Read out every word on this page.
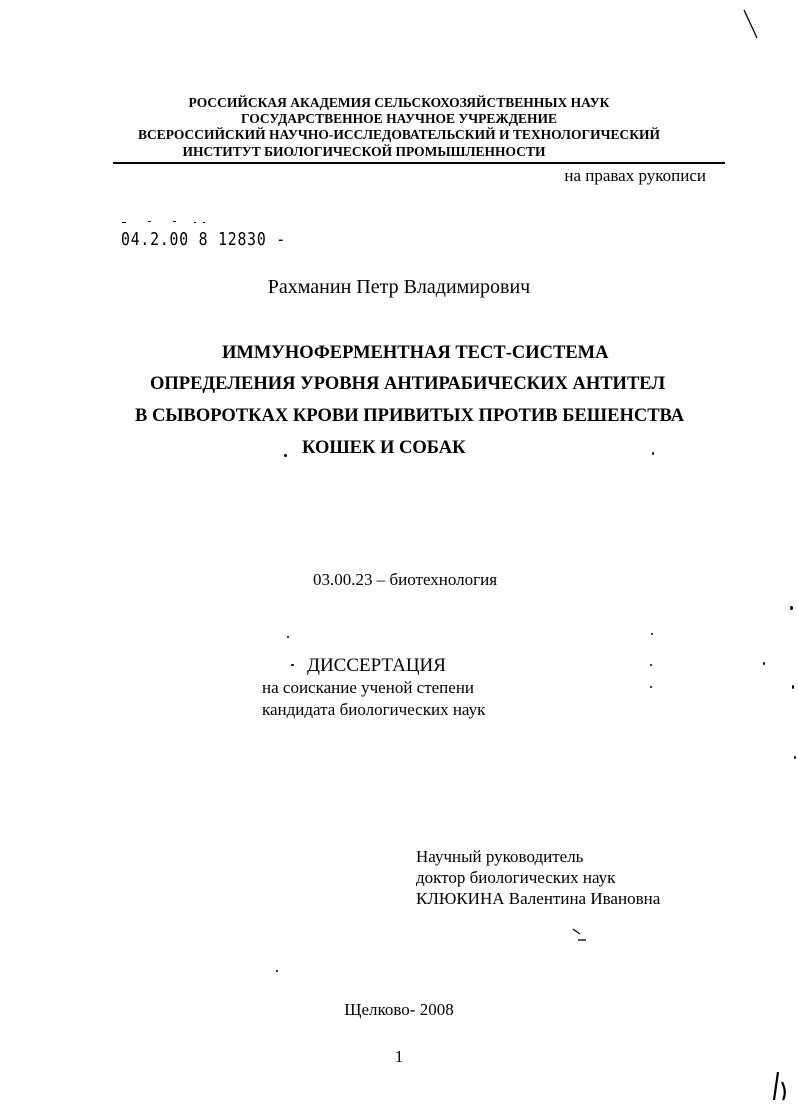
РОССИЙСКАЯ АКАДЕМИЯ СЕЛЬСКОХОЗЯЙСТВЕННЫХ НАУК
ГОСУДАРСТВЕННОЕ НАУЧНОЕ УЧРЕЖДЕНИЕ
ВСЕРОССИЙСКИЙ НАУЧНО-ИССЛЕДОВАТЕЛЬСКИЙ И ТЕХНОЛОГИЧЕСКИЙ
ИНСТИТУТ БИОЛОГИЧЕСКОЙ ПРОМЫШЛЕННОСТИ
на правах рукописи
04.2.00 8 12830 -
Рахманин Петр Владимирович
ИММУНОФЕРМЕНТНАЯ ТЕСТ-СИСТЕМА
ОПРЕДЕЛЕНИЯ УРОВНЯ АНТИРАБИЧЕСКИХ АНТИТЕЛ
В СЫВОРОТКАХ КРОВИ ПРИВИТЫХ ПРОТИВ БЕШЕНСТВА
КОШЕК И СОБАК
03.00.23 – биотехнология
ДИССЕРТАЦИЯ
на соискание ученой степени
кандидата биологических наук
Научный руководитель
доктор биологических наук
КЛЮКИНА Валентина Ивановна
Щелково- 2008
1
